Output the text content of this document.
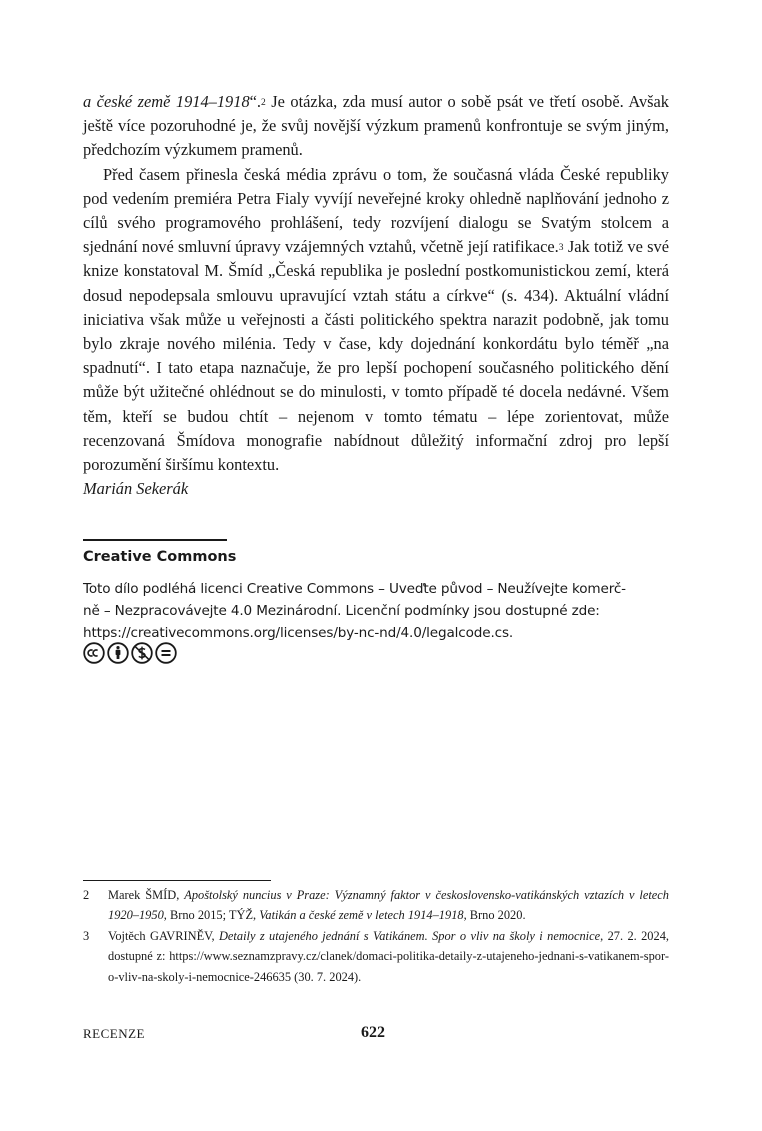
a české země 1914–1918“.$^2$ Je otázka, zda musí autor o sobě psát ve třetí osobě. Avšak ještě více pozoruhodné je, že svůj novější výzkum pramenů konfrontuje se svým jiným, předchozím výzkumem pramenů.

Před časem přinesla česká média zprávu o tom, že současná vláda České republiky pod vedením premiéra Petra Fialy vyvíjí neveřejné kroky ohledně naplňování jednoho z cílů svého programového prohlášení, tedy rozvíjení dialogu se Svatým stolcem a sjednání nové smluvní úpravy vzájemných vztahů, včetně její ratifikace.$^3$ Jak totiž ve své knize konstatoval M. Šmíd „Česká republika je poslední postkomunistickou zemí, která dosud nepodepsala smlouvu upravující vztah státu a církve“ (s. 434). Aktuální vládní iniciativa však může u veřejnosti a části politického spektra narazit podobně, jak tomu bylo zkraje nového milénia. Tedy v čase, kdy dojednání konkordátu bylo téměř „na spadnutí“. I tato etapa naznačuje, že pro lepší pochopení současného politického dění může být užitečné ohlédnout se do minulosti, v tomto případě té docela nedávné. Všem těm, kteří se budou chtít – nejenom v tomto tématu – lépe zorientovat, může recenzovaná Šmídova monografie nabídnout důležitý informační zdroj pro lepší porozumění širšímu kontextu.

Marián Sekerák

Creative Commons
Toto dílo podléhá licenci Creative Commons – Uveďte původ – Neužívejte komerč-
ně – Nezpracovávejte 4.0 Mezinárodní. Licenční podmínky jsou dostupné zde:
https://creativecommons.org/licenses/by-nc-nd/4.0/legalcode.cs.
2	Marek ŠMÍD, Apoštolský nuncius v Praze: Významný faktor v československo-vatikánských vztazích v letech 1920–1950, Brno 2015; TÝŽ, Vatikán a české země v letech 1914–1918, Brno 2020.
3	Vojtěch GAVRINĚV, Detaily z utajeného jednání s Vatikánem. Spor o vliv na školy i nemocnice, 27. 2. 2024, dostupné z: https://www.seznamzpravy.cz/clanek/domaci-politika-detaily-z-utajeneho-jednani-s-vatikanem-spor-o-vliv-na-skoly-i-nemocnice-246635 (30. 7. 2024).
RECENZE	622
